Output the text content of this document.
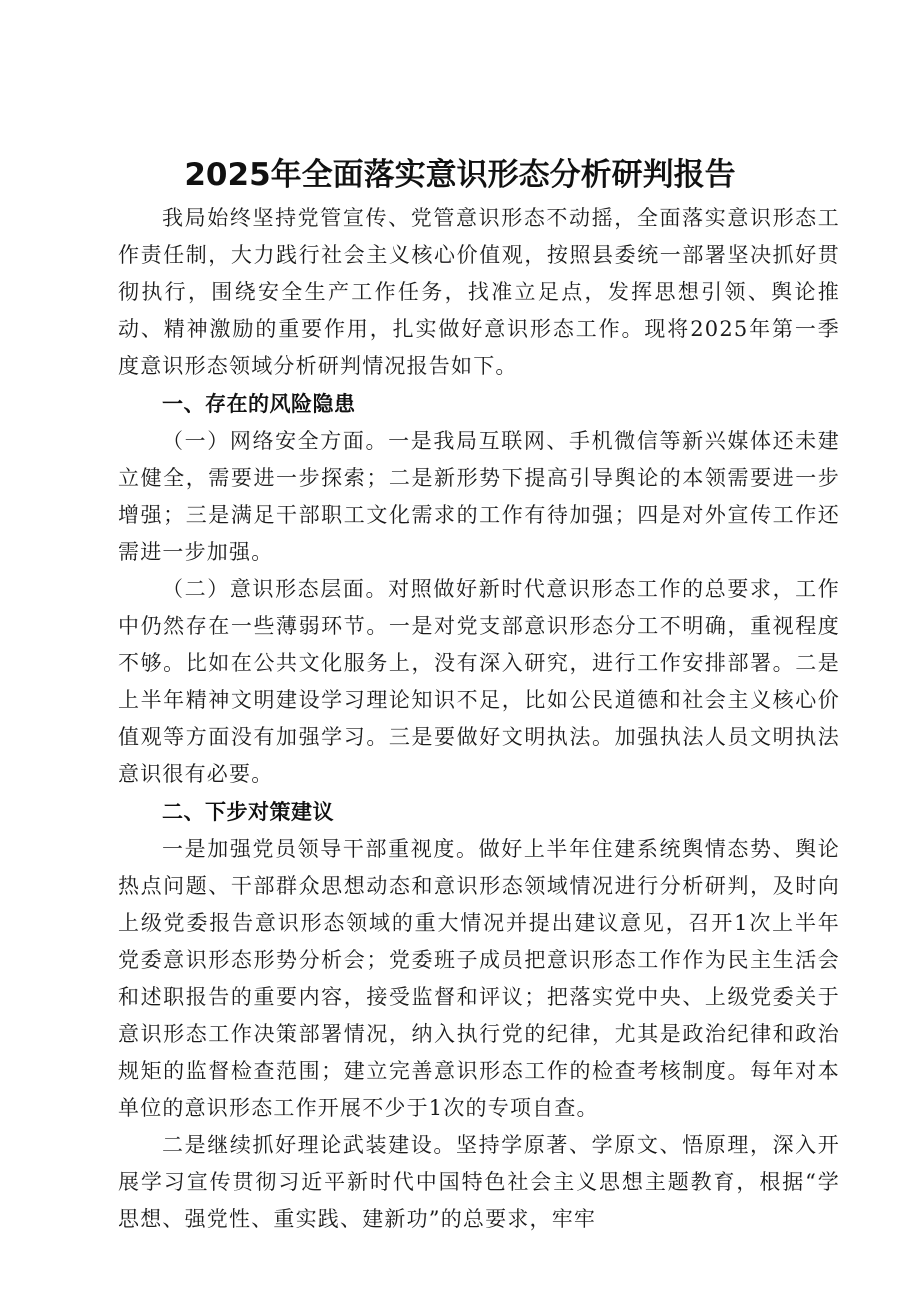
2025年全面落实意识形态分析研判报告

我局始终坚持党管宣传、党管意识形态不动摇，全面落实意识形态工作责任制，大力践行社会主义核心价值观，按照县委统一部署坚决抓好贯彻执行，围绕安全生产工作任务，找准立足点，发挥思想引领、舆论推动、精神激励的重要作用，扎实做好意识形态工作。现将2025年第一季度意识形态领域分析研判情况报告如下。

一、存在的风险隐患

（一）网络安全方面。一是我局互联网、手机微信等新兴媒体还未建立健全，需要进一步探索；二是新形势下提高引导舆论的本领需要进一步增强；三是满足干部职工文化需求的工作有待加强；四是对外宣传工作还需进一步加强。

（二）意识形态层面。对照做好新时代意识形态工作的总要求，工作中仍然存在一些薄弱环节。一是对党支部意识形态分工不明确，重视程度不够。比如在公共文化服务上，没有深入研究，进行工作安排部署。二是上半年精神文明建设学习理论知识不足，比如公民道德和社会主义核心价值观等方面没有加强学习。三是要做好文明执法。加强执法人员文明执法意识很有必要。

二、下步对策建议

一是加强党员领导干部重视度。做好上半年住建系统舆情态势、舆论热点问题、干部群众思想动态和意识形态领域情况进行分析研判，及时向上级党委报告意识形态领域的重大情况并提出建议意见，召开1次上半年党委意识形态形势分析会；党委班子成员把意识形态工作作为民主生活会和述职报告的重要内容，接受监督和评议；把落实党中央、上级党委关于意识形态工作决策部署情况，纳入执行党的纪律，尤其是政治纪律和政治规矩的监督检查范围；建立完善意识形态工作的检查考核制度。每年对本单位的意识形态工作开展不少于1次的专项自查。

二是继续抓好理论武装建设。坚持学原著、学原文、悟原理，深入开展学习宣传贯彻习近平新时代中国特色社会主义思想主题教育，根据“学思想、强党性、重实践、建新功”的总要求，牢牢
